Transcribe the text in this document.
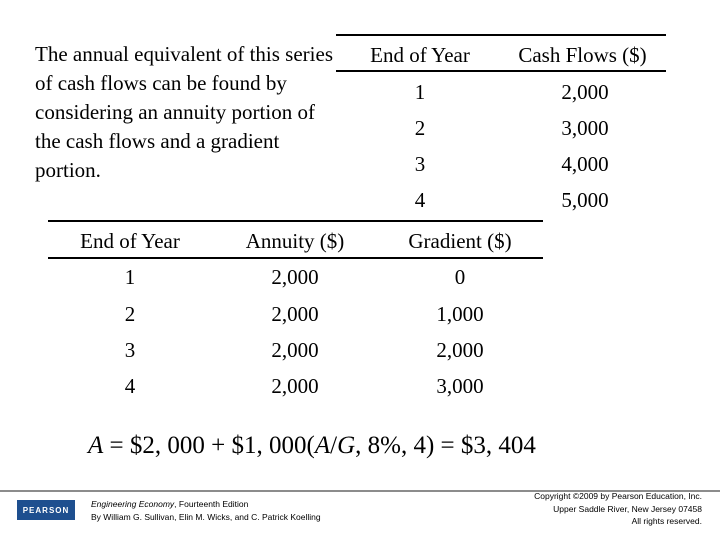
The annual equivalent of this series of cash flows can be found by considering an annuity portion of the cash flows and a gradient portion.
End of Year	Cash Flows ($)
1	2,000
2	3,000
3	4,000
4	5,000
End of Year	Annuity ($)	Gradient ($)
1	2,000	0
2	2,000	1,000
3	2,000	2,000
4	2,000	3,000
A = $2, 000 + $1, 000(A/G, 8%, 4) = $3, 404
PEARSON
Engineering Economy, Fourteenth Edition
By William G. Sullivan, Elin M. Wicks, and C. Patrick Koelling
Copyright ©2009 by Pearson Education, Inc.
Upper Saddle River, New Jersey 07458
All rights reserved.
